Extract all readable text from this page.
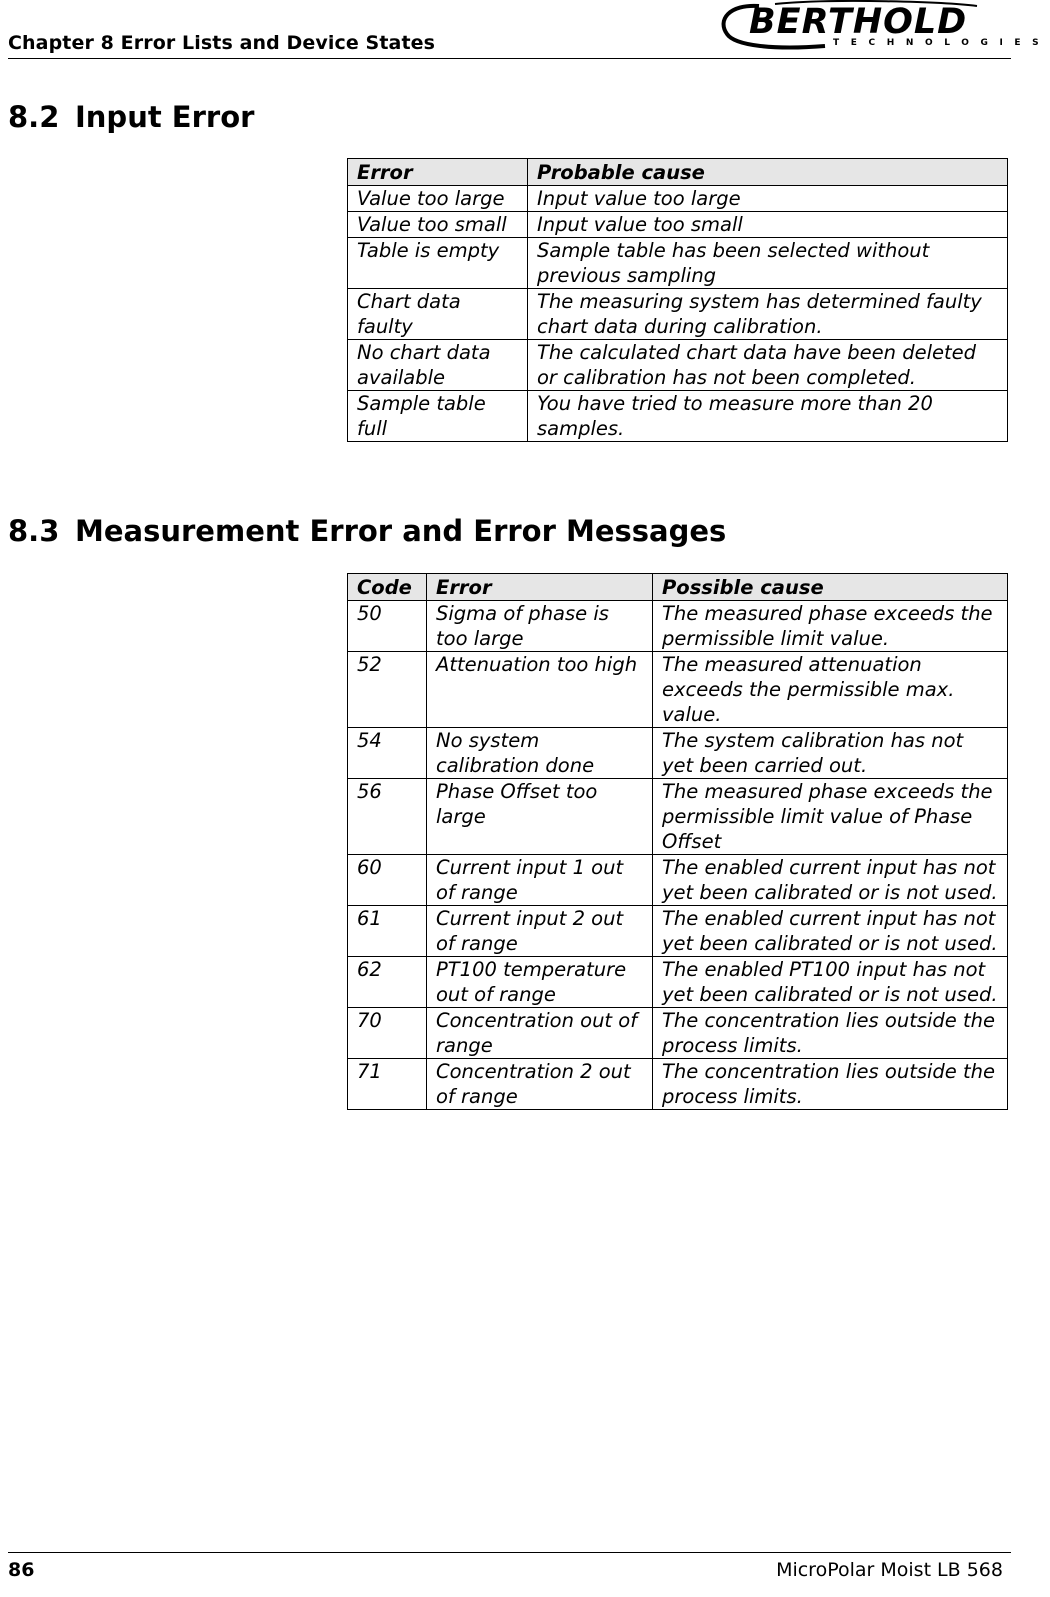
Chapter 8 Error Lists and Device States
BERTHOLD
TECHNOLOGIES
8.2 Input Error
Error	Probable cause
Value too large	Input value too large
Value too small	Input value too small
Table is empty	Sample table has been selected without previous sampling
Chart data faulty	The measuring system has determined faulty chart data during calibration.
No chart data available	The calculated chart data have been deleted or calibration has not been completed.
Sample table full	You have tried to measure more than 20 samples.
8.3 Measurement Error and Error Messages
Code	Error	Possible cause
50	Sigma of phase is too large	The measured phase exceeds the permissible limit value.
52	Attenuation too high	The measured attenuation exceeds the permissible max. value.
54	No system calibration done	The system calibration has not yet been carried out.
56	Phase Offset too large	The measured phase exceeds the permissible limit value of Phase Offset
60	Current input 1 out of range	The enabled current input has not yet been calibrated or is not used.
61	Current input 2 out of range	The enabled current input has not yet been calibrated or is not used.
62	PT100 temperature out of range	The enabled PT100 input has not yet been calibrated or is not used.
70	Concentration out of range	The concentration lies outside the process limits.
71	Concentration 2 out of range	The concentration lies outside the process limits.
86	MicroPolar Moist LB 568
